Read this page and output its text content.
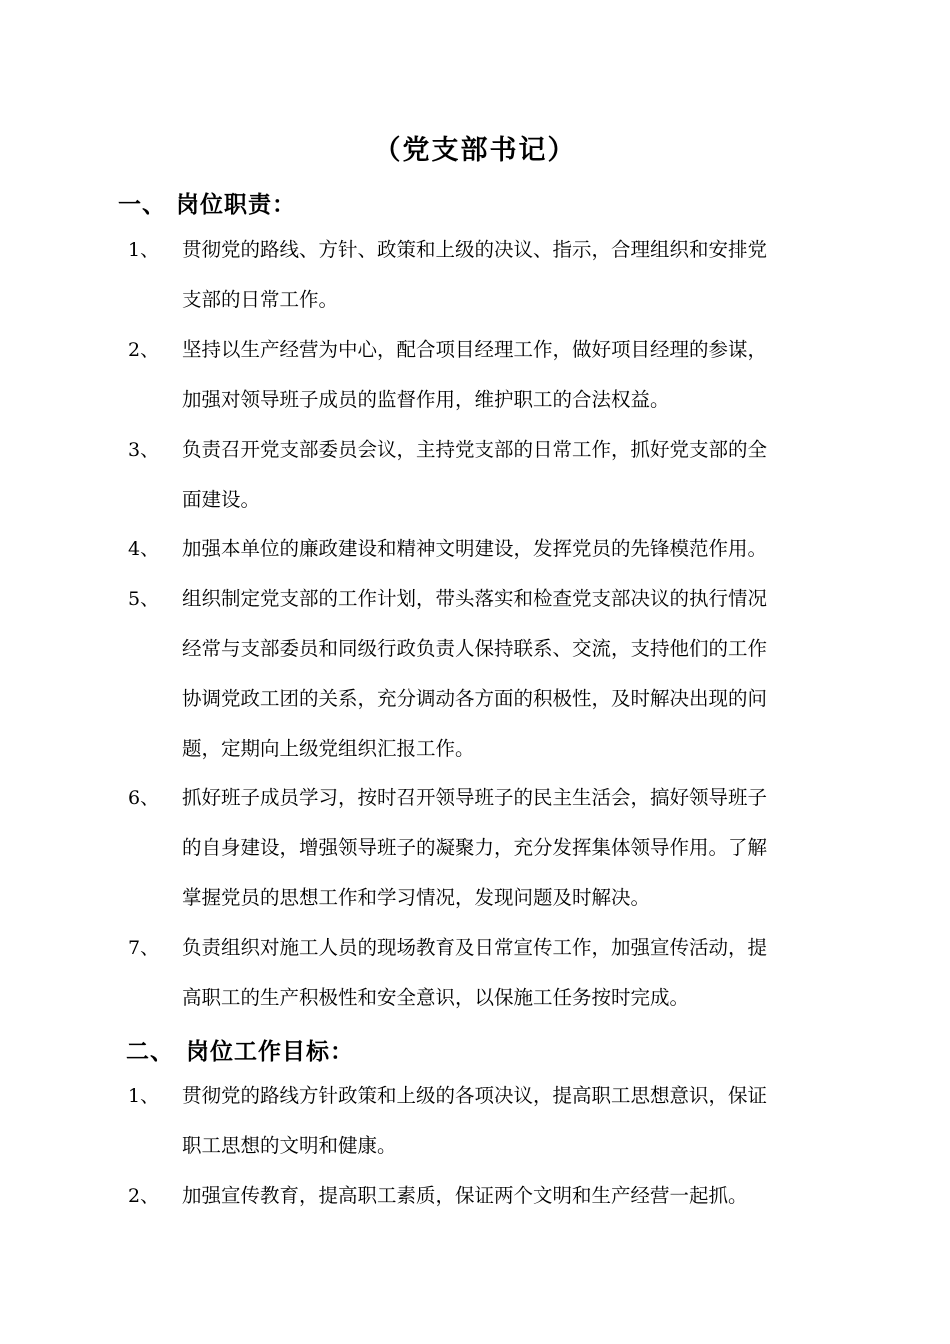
（党支部书记）
一、 岗位职责：
1、 贯彻党的路线、方针、政策和上级的决议、指示，合理组织和安排党
支部的日常工作。
2、 坚持以生产经营为中心，配合项目经理工作，做好项目经理的参谋，
加强对领导班子成员的监督作用，维护职工的合法权益。
3、 负责召开党支部委员会议，主持党支部的日常工作，抓好党支部的全
面建设。
4、 加强本单位的廉政建设和精神文明建设，发挥党员的先锋模范作用。
5、 组织制定党支部的工作计划，带头落实和检查党支部决议的执行情况
经常与支部委员和同级行政负责人保持联系、交流，支持他们的工作
协调党政工团的关系，充分调动各方面的积极性，及时解决出现的问
题，定期向上级党组织汇报工作。
6、 抓好班子成员学习，按时召开领导班子的民主生活会，搞好领导班子
的自身建设，增强领导班子的凝聚力，充分发挥集体领导作用。了解
掌握党员的思想工作和学习情况，发现问题及时解决。
7、 负责组织对施工人员的现场教育及日常宣传工作，加强宣传活动，提
高职工的生产积极性和安全意识，以保施工任务按时完成。
二、 岗位工作目标：
1、 贯彻党的路线方针政策和上级的各项决议，提高职工思想意识，保证
职工思想的文明和健康。
2、 加强宣传教育，提高职工素质，保证两个文明和生产经营一起抓。
